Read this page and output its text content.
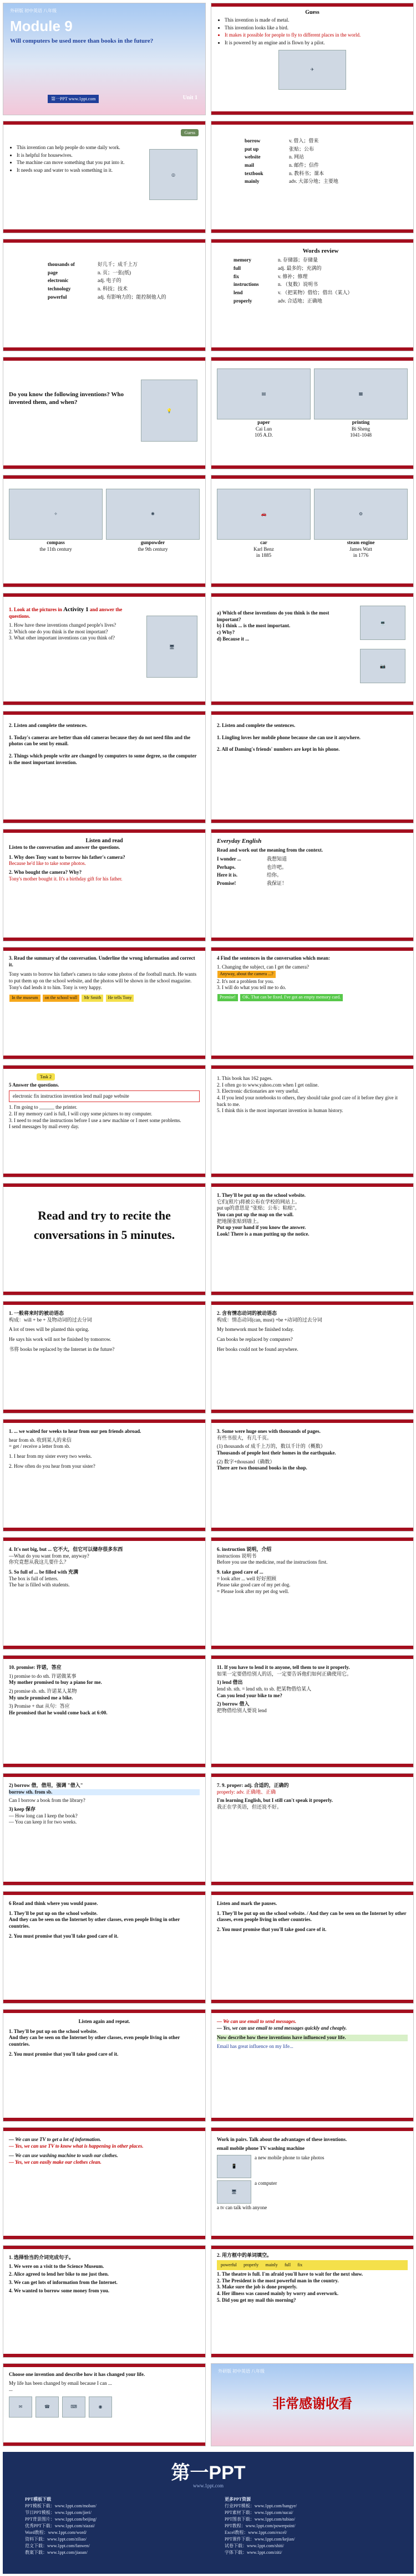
外研版 初中英语 八年级
Module 9
Will computers be used more than books in the future?
第一PPT www.1ppt.com	Unit 1
Guess
• This invention is made of metal.
• This invention looks like a bird.
• It makes it possible for people to fly to different places in the world.
• It is powered by an engine and is flown by a pilot.
✈
Guess
• This invention can help people do some daily work.
• It is helpful for housewives.
• The machine can move something that you put into it.
• It needs soap and water to wash something in it.
◎
borrow	v. 借入；借来
put up	张贴；公布
website	n. 网站
mail	n. 邮件；信件
textbook	n. 教科书；课本
mainly	adv. 大部分地；主要地
thousands of	好几千；成千上万
page	n. 页；一张(纸)
electronic	adj. 电子的
technology	n. 科技；技术
powerful	adj. 有影响力的；能控制他人的
Words review
memory	n. 存储器；存储量
full	adj. 最多的；充满的
fix	v. 修补；修理
instructions	n. （复数）说明书
lend	v. （把某物）借给；借出（某人）
properly	adv. 合适地；正确地
Do you know the following inventions? Who invented them, and when?
💡
▤
paper
Cai Lun
105 A.D.
▦
printing
Bi Sheng
1041-1048
✧
compass
the 11th century
✺
gunpowder
the 9th century
🚗
car
Karl Benz
in 1885
⚙
steam engine
James Watt
in 1776
1. Look at the pictures in Activity 1 and answer the questions.
1. How have these inventions changed people's lives?
2. Which one do you think is the most important?
3. What other important inventions can you think of?
🖥
a) Which of these inventions do you think is the most important?
b) I think ... is the most important.
c) Why?
d) Because it ...
💻
📷
2. Listen and complete the sentences.
1. Today's cameras are better than old cameras because they do not need film and the photos can be sent by email.
2. Things which people write are changed by computers to some degree, so the computer is the most important invention.
2. Listen and complete the sentences.
1. Lingling loves her mobile phone because she can use it anywhere.
2. All of Daming's friends' numbers are kept in his phone.
Listen and read
Listen to the conversation and answer the questions.
1. Why does Tony want to borrow his father's camera?
Because he'd like to take some photos.
2. Who bought the camera? Why?
Tony's mother bought it. It's a birthday gift for his father.
Everyday English
Read and work out the meaning from the context.
I wonder ...	我想知道
Perhaps.	也许吧。
Here it is.	给你。
Promise!	我保证！
3. Read the summary of the conversation. Underline the wrong information and correct it.
Tony wants to borrow his father's camera to take some photos of the football match. He wants to put them up on the school website, and the photos will be shown in the school magazine. Tony's dad lends it to him. Tony is very happy.
In the museum on the school wall Mr Smith He tells Tony
4 Find the sentences in the conversation which mean:
1. Changing the subject, can I get the camera?
Anyway, about the camera ...?
2. It's not a problem for you.
3. I will do what you tell me to do.
Promise! OK. That can be fixed. I've got an empty memory card.
Task 2
5 Answer the questions.
electronic fix instruction invention lend mail page website
1. I'm going to ______ the printer.
2. If my memory card is full, I will copy some pictures to my computer.
3. I need to read the instructions before I use a new machine or I meet some problems.
I send messages by mail every day.
1. This book has 162 pages.
2. I often go to www.yahoo.com when I get online.
3. Electronic dictionaries are very useful.
4. If you lend your notebooks to others, they should take good care of it before they give it back to me.
5. I think this is the most important invention in human history.
Read and try to recite the conversations in 5 minutes.
1. They'll be put up on the school website.
它们(照片)将被公布在学校的网站上。
put up的意思是 "张贴；公布；粘贴"。
You can put up the map on the wall.
把地图张贴到墙上。
Put up your hand if you know the answer.
Look! There is a man putting up the notice.
1. 一般将来时的被动语态
构成：will + be + 及物动词的过去分词
A lot of trees will be planted this spring.
He says his work will not be finished by tomorrow.
书将 books be replaced by the Internet in the future?
2. 含有情态动词的被动语态
构成：情态动词(can, must) +be +动词的过去分词
My homework must be finished today.
Can books be replaced by computers?
Her books could not be found anywhere.
1. ... we waited for weeks to hear from our pen friends abroad.
hear from sb. 收到某人的来信
= get / receive a letter from sb.
1. I hear from my sister every two weeks.
2. How often do you hear from your sister?
3. Some were huge ones with thousands of pages.
有些书很大，有几千页。
(1) thousands of 成千上万的，数以千计的（概数）
Thousands of people lost their homes in the earthquake.
(2) 数字+thousand（确数）
There are two thousand books in the shop.
4. It's not big, but ... 它不大，但它可以储存很多东西
—What do you want from me, anyway?
你究竟想从我这儿要什么？
5. So full of ... be filled with 充满
The box is full of letters.
The bar is filled with students.
6. instruction 说明，介绍
instructions 说明书
Before you use the medicine, read the instructions first.
9. take good care of ...
= look after ... well 好好照顾
Please take good care of my pet dog.
= Please look after my pet dog well.
10. promise: 许诺，答应
1) promise to do sth. 许诺做某事
My mother promised to buy a piano for me.
2) promise sb. sth. 许诺某人某物
My uncle promised me a bike.
3) Promise + that 从句：答应
He promised that he would come back at 6:00.
11. If you have to lend it to anyone, tell them to use it properly.
如果一定要借给别人的话，一定要告诉他们如何正确使用它。
1) lend 借出
lend sb. sth. = lend sth. to sb. 把某物借给某人
Can you lend your bike to me?
2) borrow 借入
把物借给别人要说 lend
2) borrow 借，借用，强调 "借入"
borrow sth. from sb.
Can I borrow a book from the library?
3) keep 保存
— How long can I keep the book?
— You can keep it for two weeks.
7. 9. proper: adj. 合适的，正确的
properly: adv. 正确地、正确
I'm learning English, but I still can't speak it properly.
我正在学英语，但还说不好。
6 Read and think where you would pause.
1. They'll be put up on the school website.
And they can be seen on the Internet by other classes, even people living in other countries.
2. You must promise that you'll take good care of it.
Listen and mark the pauses.
1. They'll be put up on the school website. / And they can be seen on the Internet by other classes, even people living in other countries.
2. You must promise that you'll take good care of it.
Listen again and repeat.
1. They'll be put up on the school website.
And they can be seen on the Internet by other classes, even people living in other countries.
2. You must promise that you'll take good care of it.
— We can use email to send messages.
— Yes, we can use email to send messages quickly and cheaply.
Now describe how these inventions have influenced your life.
Email has great influence on my life...
— We can use TV to get a lot of information.
— Yes, we can use TV to know what is happening in other places.
— We can use washing machine to wash our clothes.
— Yes, we can easily make our clothes clean.
Work in pairs. Talk about the advantages of these inventions.
email mobile phone TV washing machine
📱
a new mobile phone to take photos
🖥
a computer
a tv can talk with anyone
1. 选择恰当的介词完成句子。
1. We were on a visit to the Science Museum.
2. Alice agreed to lend her bike to me just then.
3. We can get lots of information from the Internet.
4. We wanted to borrow some money from you.
2. 用方框中的单词填空。
powerful properly mainly full fix
1. The theatre is full. I'm afraid you'll have to wait for the next show.
2. The President is the most powerful man in the country.
3. Make sure the job is done properly.
4. Her illness was caused mainly by worry and overwork.
5. Did you get my mail this morning?
Choose one invention and describe how it has changed your life.
My life has been changed by email because I can ...
...
✉	☎	⌨	◉
外研版 初中英语 八年级
非常感谢收看
第一PPT
www.1ppt.com
PPT模板下载
PPT模板下载：www.1ppt.com/moban/
节日PPT模板：www.1ppt.com/jieri/
PPT背景图片：www.1ppt.com/beijing/
优秀PPT下载：www.1ppt.com/xiazai/
Word教程：www.1ppt.com/word/
资料下载：www.1ppt.com/ziliao/
范文下载：www.1ppt.com/fanwen/
教案下载：www.1ppt.com/jiaoan/
更多PPT资源
行业PPT模板：www.1ppt.com/hangye/
PPT素材下载：www.1ppt.com/sucai/
PPT图表下载：www.1ppt.com/tubiao/
PPT教程：www.1ppt.com/powerpoint/
Excel教程：www.1ppt.com/excel/
PPT课件下载：www.1ppt.com/kejian/
试卷下载：www.1ppt.com/shiti/
字体下载：www.1ppt.com/ziti/
